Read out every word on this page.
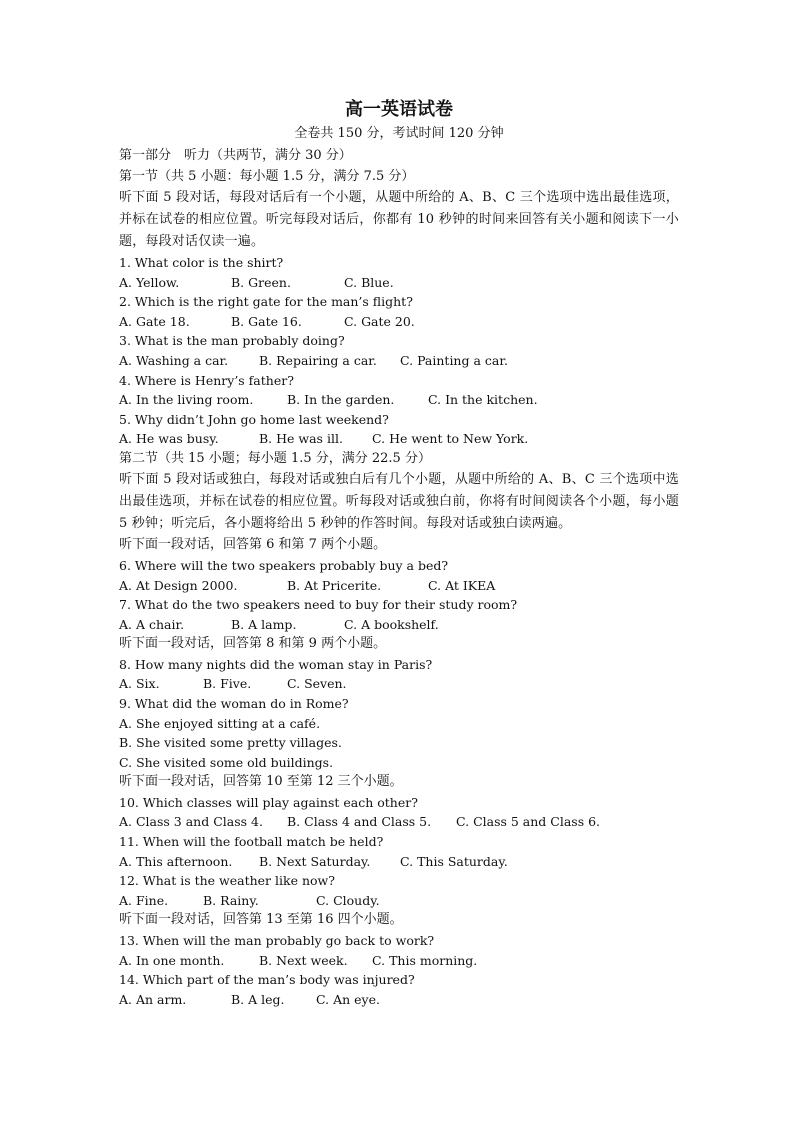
高一英语试卷
全卷共 150 分，考试时间 120 分钟
第一部分　听力（共两节，满分 30 分）
第一节（共 5 小题：每小题 1.5 分，满分 7.5 分）
听下面 5 段对话，每段对话后有一个小题，从题中所给的 A、B、C 三个选项中选出最佳选项，并标在试卷的相应位置。听完每段对话后，你都有 10 秒钟的时间来回答有关小题和阅读下一小题，每段对话仅读一遍。
1. What color is the shirt?
A. Yellow.	B. Green.	C. Blue.
2. Which is the right gate for the man’s flight?
A. Gate 18.	B. Gate 16.	C. Gate 20.
3. What is the man probably doing?
A. Washing a car. B. Repairing a car. C. Painting a car.
4. Where is Henry’s father?
A. In the living room.	B. In the garden.	C. In the kitchen.
5. Why didn’t John go home last weekend?
A. He was busy.	B. He was ill. C. He went to New York.
第二节（共 15 小题；每小题 1.5 分，满分 22.5 分）
听下面 5 段对话或独白，每段对话或独白后有几个小题，从题中所给的 A、B、C 三个选项中选出最佳选项，并标在试卷的相应位置。听每段对话或独白前，你将有时间阅读各个小题，每小题 5 秒钟；听完后，各小题将给出 5 秒钟的作答时间。每段对话或独白读两遍。
听下面一段对话，回答第 6 和第 7 两个小题。
6. Where will the two speakers probably buy a bed?
A. At Design 2000.	B. At Pricerite.	C. At IKEA
7. What do the two speakers need to buy for their study room?
A. A chair.	B. A lamp.	C. A bookshelf.
听下面一段对话，回答第 8 和第 9 两个小题。
8. How many nights did the woman stay in Paris?
A. Six.	B. Five.	C. Seven.
9. What did the woman do in Rome?
A. She enjoyed sitting at a café.
B. She visited some pretty villages.
C. She visited some old buildings.
听下面一段对话，回答第 10 至第 12 三个小题。
10. Which classes will play against each other?
A. Class 3 and Class 4. B. Class 4 and Class 5. C. Class 5 and Class 6.
11. When will the football match be held?
A. This afternoon. B. Next Saturday. C. This Saturday.
12. What is the weather like now?
A. Fine.	B. Rainy.	C. Cloudy.
听下面一段对话，回答第 13 至第 16 四个小题。
13. When will the man probably go back to work?
A. In one month.	B. Next week. C. This morning.
14. Which part of the man’s body was injured?
A. An arm.	B. A leg.	C. An eye.
